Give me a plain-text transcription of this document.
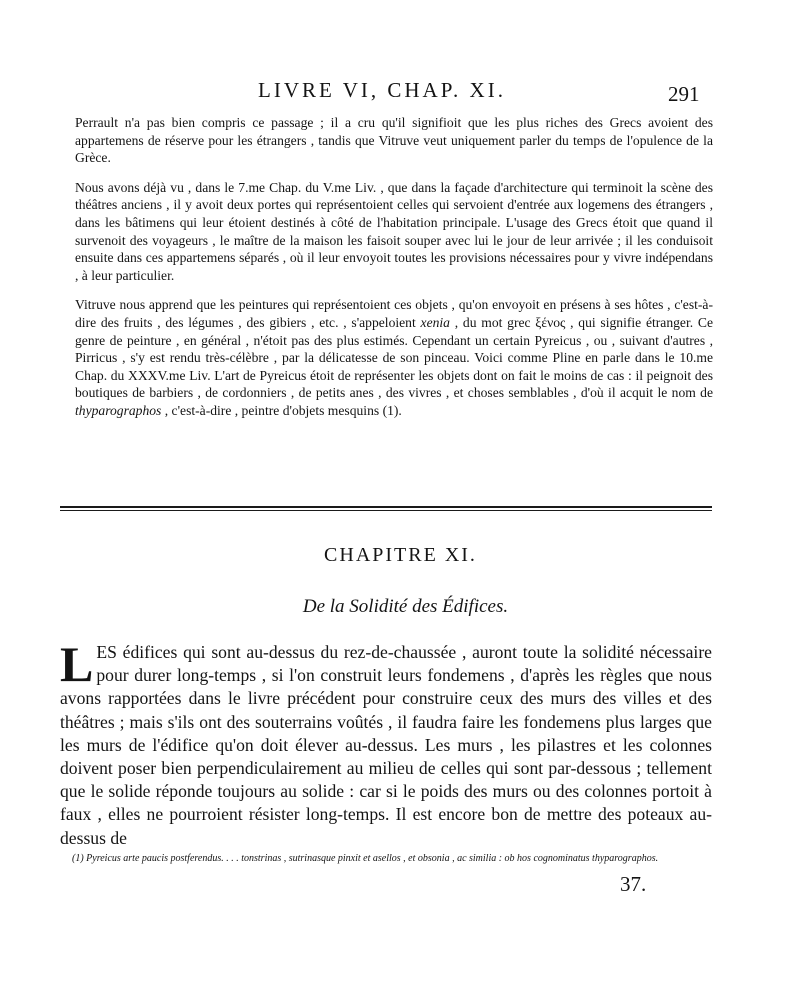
LIVRE VI, CHAP. XI.	291

Perrault n'a pas bien compris ce passage ; il a cru qu'il signifioit que les plus riches des Grecs avoient des appartemens de réserve pour les étrangers , tandis que Vitruve veut uniquement parler du temps de l'opulence de la Grèce.

Nous avons déjà vu , dans le 7.me Chap. du V.me Liv. , que dans la façade d'architecture qui terminoit la scène des théâtres anciens , il y avoit deux portes qui représentoient celles qui servoient d'entrée aux logemens des étrangers , dans les bâtimens qui leur étoient destinés à côté de l'habitation principale. L'usage des Grecs étoit que quand il survenoit des voyageurs , le maître de la maison les faisoit souper avec lui le jour de leur arrivée ; il les conduisoit ensuite dans ces appartemens séparés , où il leur envoyoit toutes les provisions nécessaires pour y vivre indépendans , à leur particulier.

Vitruve nous apprend que les peintures qui représentoient ces objets , qu'on envoyoit en présens à ses hôtes , c'est-à-dire des fruits , des légumes , des gibiers , etc. , s'appeloient xenia , du mot grec ξένος , qui signifie étranger. Ce genre de peinture , en général , n'étoit pas des plus estimés. Cependant un certain Pyreicus , ou , suivant d'autres , Pirricus , s'y est rendu très-célèbre , par la délicatesse de son pinceau. Voici comme Pline en parle dans le 10.me Chap. du XXXV.me Liv. L'art de Pyreicus étoit de représenter les objets dont on fait le moins de cas : il peignoit des boutiques de barbiers , de cordonniers , de petits anes , des vivres , et choses semblables , d'où il acquit le nom de thyparographos , c'est-à-dire , peintre d'objets mesquins (1).

CHAPITRE XI.
De la Solidité des Édifices.
LES édifices qui sont au-dessus du rez-de-chaussée , auront toute la solidité nécessaire pour durer long-temps , si l'on construit leurs fondemens , d'après les règles que nous avons rapportées dans le livre précédent pour construire ceux des murs des villes et des théâtres ; mais s'ils ont des souterrains voûtés , il faudra faire les fondemens plus larges que les murs de l'édifice qu'on doit élever au-dessus. Les murs , les pilastres et les colonnes doivent poser bien perpendiculairement au milieu de celles qui sont par-dessous ; tellement que le solide réponde toujours au solide : car si le poids des murs ou des colonnes portoit à faux , elles ne pourroient résister long-temps. Il est encore bon de mettre des poteaux au-dessus de
(1) Pyreicus arte paucis postferendus. . . . tonstrinas , sutrinasque pinxit et asellos , et obsonia , ac similia : ob hos cognominatus thyparographos.
37.
